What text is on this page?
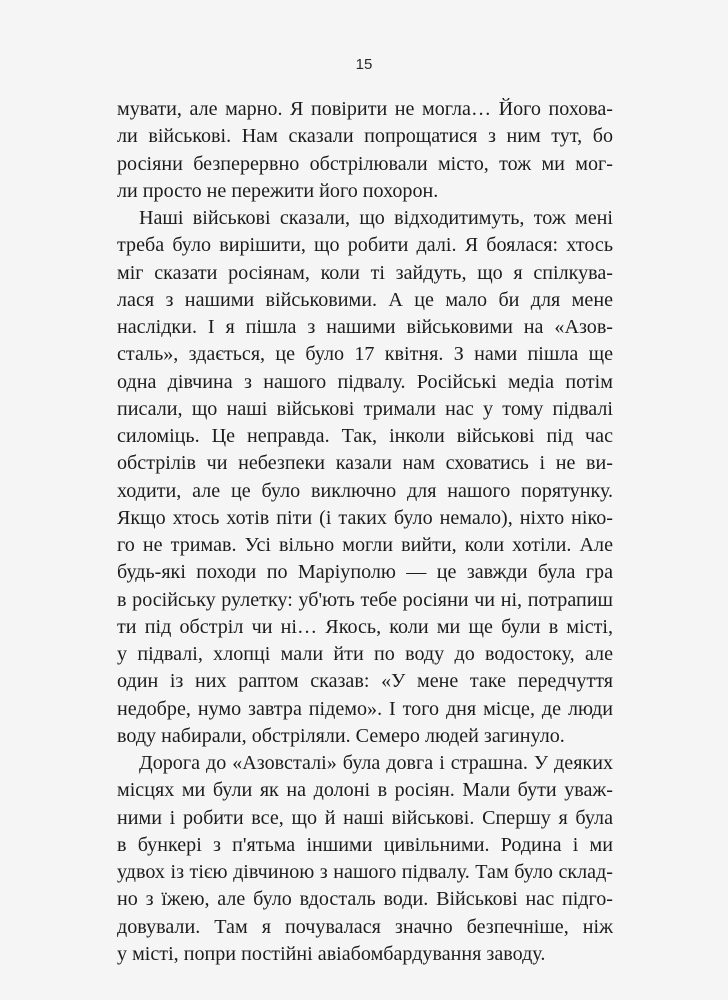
15
мувати, але марно. Я повірити не могла… Його похова-
ли військові. Нам сказали попрощатися з ним тут, бо
росіяни безперервно обстрілювали місто, тож ми мог-
ли просто не пережити його похорон.
Наші військові сказали, що відходитимуть, тож мені
треба було вирішити, що робити далі. Я боялася: хтось
міг сказати росіянам, коли ті зайдуть, що я спілкува-
лася з нашими військовими. А це мало би для мене
наслідки. І я пішла з нашими військовими на «Азов-
сталь», здається, це було 17 квітня. З нами пішла ще
одна дівчина з нашого підвалу. Російські медіа потім
писали, що наші військові тримали нас у тому підвалі
силоміць. Це неправда. Так, інколи військові під час
обстрілів чи небезпеки казали нам сховатись і не ви-
ходити, але це було виключно для нашого порятунку.
Якщо хтось хотів піти (і таких було немало), ніхто ніко-
го не тримав. Усі вільно могли вийти, коли хотіли. Але
будь-які походи по Маріуполю — це завжди була гра
в російську рулетку: уб'ють тебе росіяни чи ні, потрапиш
ти під обстріл чи ні… Якось, коли ми ще були в місті,
у підвалі, хлопці мали йти по воду до водостоку, але
один із них раптом сказав: «У мене таке передчуття
недобре, нумо завтра підемо». І того дня місце, де люди
воду набирали, обстріляли. Семеро людей загинуло.
Дорога до «Азовсталі» була довга і страшна. У деяких
місцях ми були як на долоні в росіян. Мали бути уваж-
ними і робити все, що й наші військові. Спершу я була
в бункері з п'ятьма іншими цивільними. Родина і ми
удвох із тією дівчиною з нашого підвалу. Там було склад-
но з їжею, але було вдосталь води. Військові нас підго-
довували. Там я почувалася значно безпечніше, ніж
у місті, попри постійні авіабомбардування заводу.
